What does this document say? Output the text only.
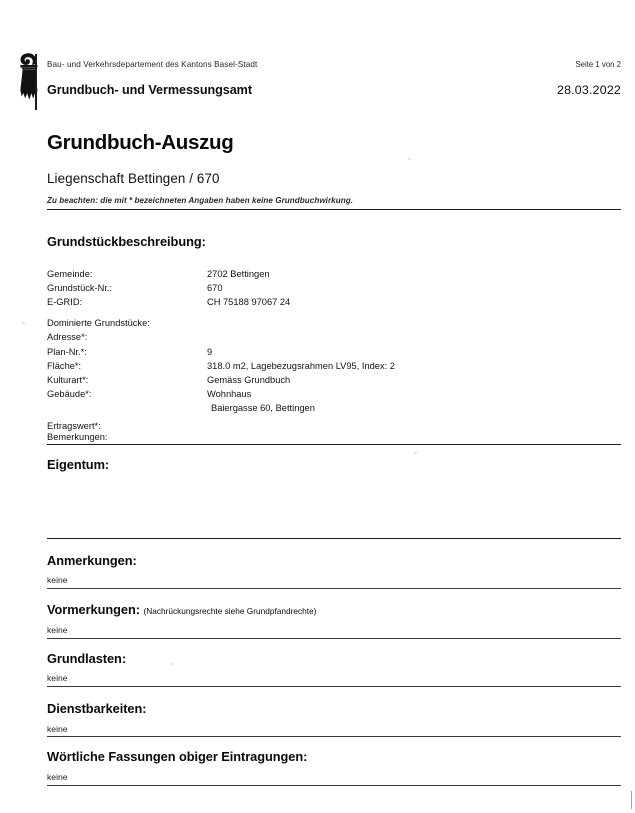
Bau- und Verkehrsdepartement des Kantons Basel-Stadt
Grundbuch- und Vermessungsamt
Seite 1 von 2
28.03.2022
Grundbuch-Auszug
Liegenschaft Bettingen / 670
Zu beachten: die mit * bezeichneten Angaben haben keine Grundbuchwirkung.
Grundstückbeschreibung:
Gemeinde:	2702 Bettingen
Grundstück-Nr.:	670
E-GRID:	CH 75188 97067 24
Dominierte Grundstücke:
Adresse*:
Plan-Nr.*:	9
Fläche*:	318.0 m2, Lagebezugsrahmen LV95, Index: 2
Kulturart*:	Gemäss Grundbuch
Gebäude*:	Wohnhaus
Baiergasse 60, Bettingen
Ertragswert*:
Bemerkungen:
Eigentum:
Anmerkungen:
keine
Vormerkungen: (Nachrückungsrechte siehe Grundpfandrechte)
keine
Grundlasten:
keine
Dienstbarkeiten:
keine
Wörtliche Fassungen obiger Eintragungen:
keine
